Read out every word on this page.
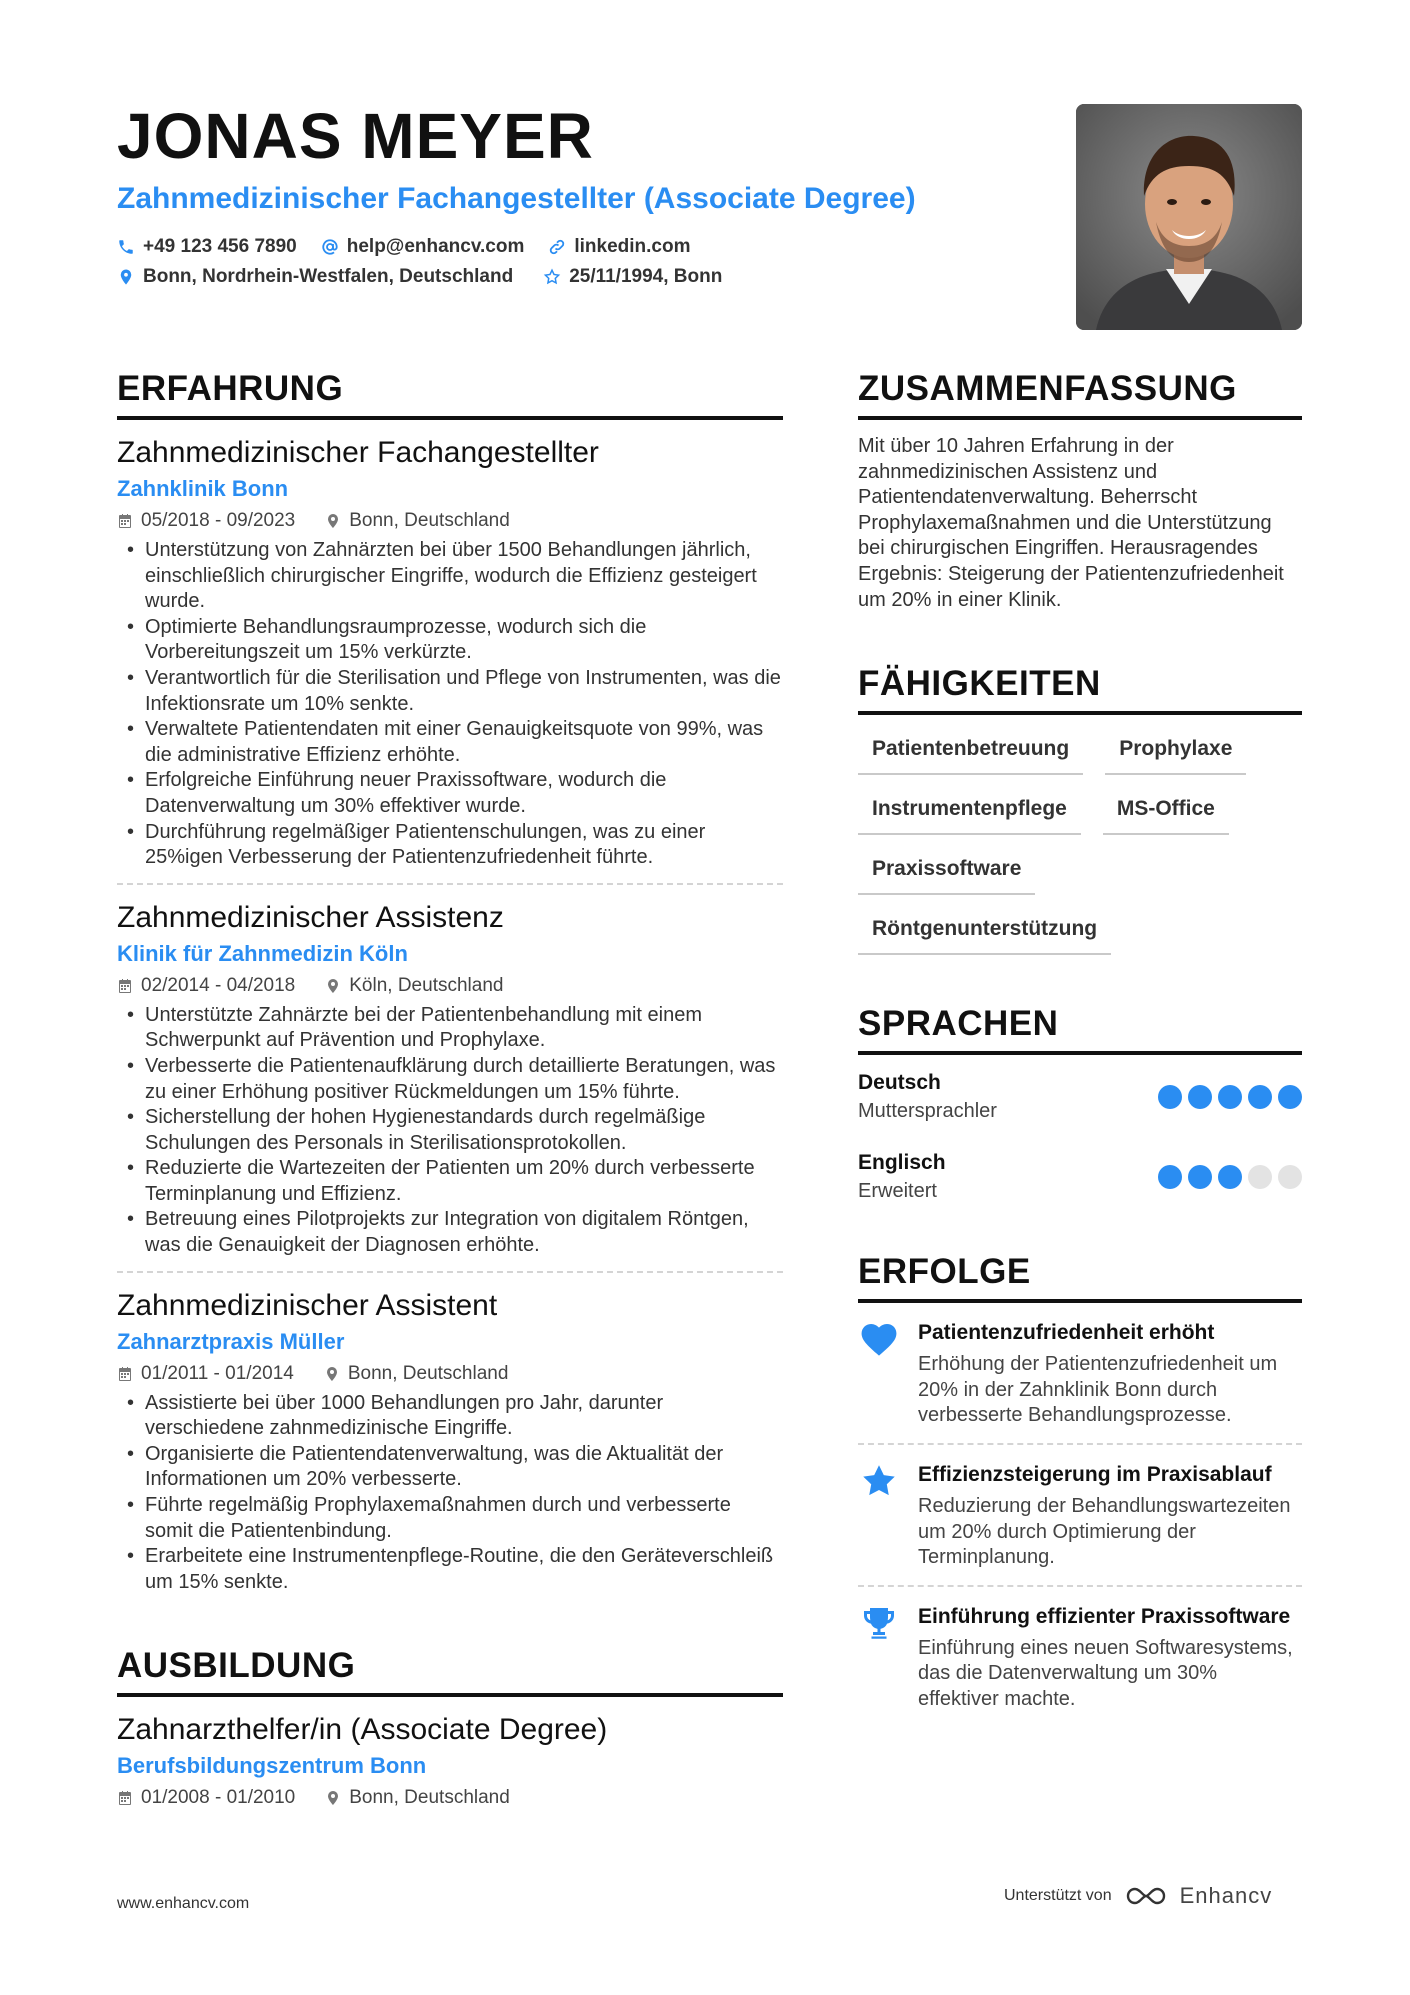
JONAS MEYER
Zahnmedizinischer Fachangestellter (Associate Degree)
+49 123 456 7890	help@enhancv.com	linkedin.com
Bonn, Nordrhein-Westfalen, Deutschland	25/11/1994, Bonn
ERFAHRUNG
Zahnmedizinischer Fachangestellter
Zahnklinik Bonn
05/2018 - 09/2023	Bonn, Deutschland
• Unterstützung von Zahnärzten bei über 1500 Behandlungen jährlich, einschließlich chirurgischer Eingriffe, wodurch die Effizienz gesteigert wurde.
• Optimierte Behandlungsraumprozesse, wodurch sich die Vorbereitungszeit um 15% verkürzte.
• Verantwortlich für die Sterilisation und Pflege von Instrumenten, was die Infektionsrate um 10% senkte.
• Verwaltete Patientendaten mit einer Genauigkeitsquote von 99%, was die administrative Effizienz erhöhte.
• Erfolgreiche Einführung neuer Praxissoftware, wodurch die Datenverwaltung um 30% effektiver wurde.
• Durchführung regelmäßiger Patientenschulungen, was zu einer 25%igen Verbesserung der Patientenzufriedenheit führte.
Zahnmedizinischer Assistenz
Klinik für Zahnmedizin Köln
02/2014 - 04/2018	Köln, Deutschland
• Unterstützte Zahnärzte bei der Patientenbehandlung mit einem Schwerpunkt auf Prävention und Prophylaxe.
• Verbesserte die Patientenaufklärung durch detaillierte Beratungen, was zu einer Erhöhung positiver Rückmeldungen um 15% führte.
• Sicherstellung der hohen Hygienestandards durch regelmäßige Schulungen des Personals in Sterilisationsprotokollen.
• Reduzierte die Wartezeiten der Patienten um 20% durch verbesserte Terminplanung und Effizienz.
• Betreuung eines Pilotprojekts zur Integration von digitalem Röntgen, was die Genauigkeit der Diagnosen erhöhte.
Zahnmedizinischer Assistent
Zahnarztpraxis Müller
01/2011 - 01/2014	Bonn, Deutschland
• Assistierte bei über 1000 Behandlungen pro Jahr, darunter verschiedene zahnmedizinische Eingriffe.
• Organisierte die Patientendatenverwaltung, was die Aktualität der Informationen um 20% verbesserte.
• Führte regelmäßig Prophylaxemaßnahmen durch und verbesserte somit die Patientenbindung.
• Erarbeitete eine Instrumentenpflege-Routine, die den Geräteverschleiß um 15% senkte.
AUSBILDUNG
Zahnarzthelfer/in (Associate Degree)
Berufsbildungszentrum Bonn
01/2008 - 01/2010	Bonn, Deutschland
ZUSAMMENFASSUNG
Mit über 10 Jahren Erfahrung in der zahnmedizinischen Assistenz und Patientendatenverwaltung. Beherrscht Prophylaxemaßnahmen und die Unterstützung bei chirurgischen Eingriffen. Herausragendes Ergebnis: Steigerung der Patientenzufriedenheit um 20% in einer Klinik.
FÄHIGKEITEN
Patientenbetreuung	Prophylaxe
Instrumentenpflege	MS-Office
Praxissoftware
Röntgenunterstützung
SPRACHEN
Deutsch
Muttersprachler
Englisch
Erweitert
ERFOLGE
Patientenzufriedenheit erhöht
Erhöhung der Patientenzufriedenheit um 20% in der Zahnklinik Bonn durch verbesserte Behandlungsprozesse.
Effizienzsteigerung im Praxisablauf
Reduzierung der Behandlungswartezeiten um 20% durch Optimierung der Terminplanung.
Einführung effizienter Praxissoftware
Einführung eines neuen Softwaresystems, das die Datenverwaltung um 30% effektiver machte.
www.enhancv.com	Unterstützt von	Enhancv
